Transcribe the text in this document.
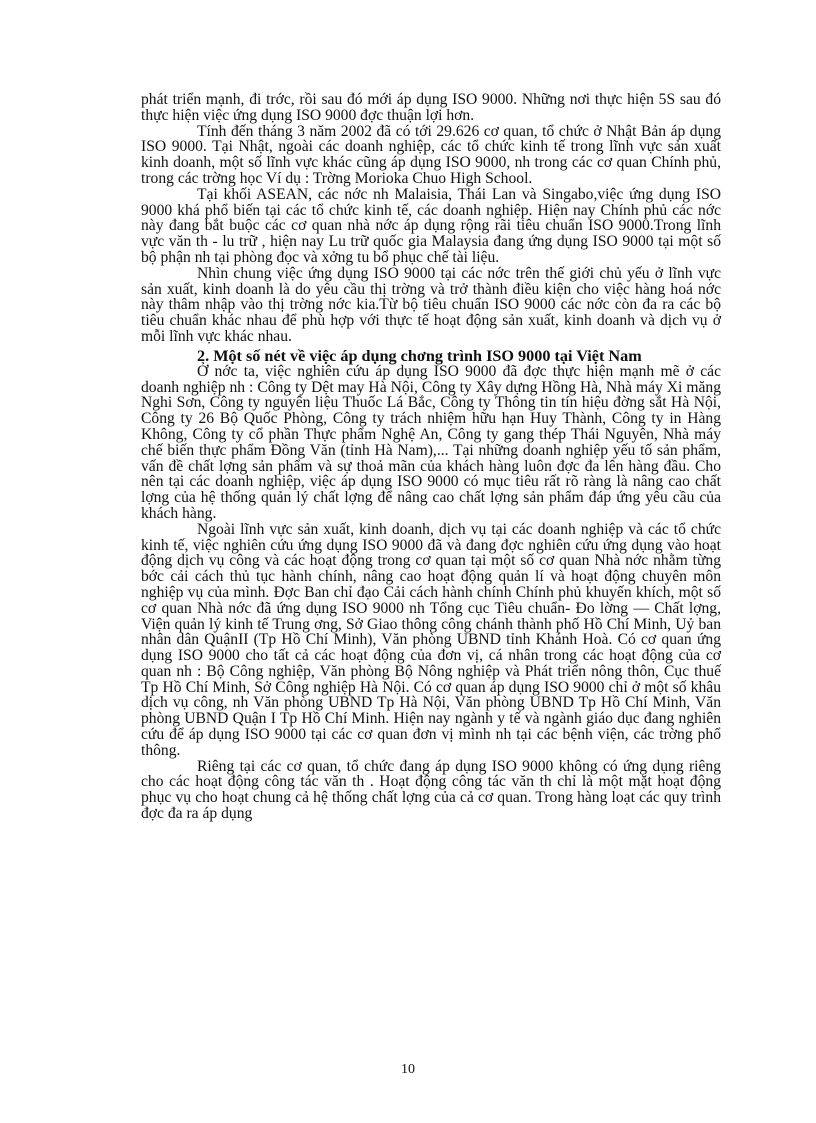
phát triển mạnh, đi trớc, rồi sau đó mới áp dụng ISO 9000. Những nơi thực hiện 5S sau đó thực hiện việc ứng dụng ISO 9000 đợc thuận lợi hơn.

Tính đến tháng 3 năm 2002 đã có tới 29.626 cơ quan, tổ chức ở Nhật Bản áp dụng ISO 9000. Tại Nhật, ngoài các doanh nghiệp, các tổ chức kinh tế trong lĩnh vực sản xuất kinh doanh, một số lĩnh vực khác cũng áp dụng ISO 9000, nh trong các cơ quan Chính phủ, trong các trờng học Ví dụ : Trờng Morioka Chuo High School.

Tại khối ASEAN, các nớc nh Malaisia, Thái Lan và Singabo,việc ứng dụng ISO 9000 khá phổ biến tại các tổ chức kinh tế, các doanh nghiệp. Hiện nay Chính phủ các nớc này đang bắt buộc các cơ quan nhà nớc áp dụng rộng rãi tiêu chuẩn ISO 9000.Trong lĩnh vực văn th - lu trữ , hiện nay Lu trữ quốc gia Malaysia đang ứng dụng ISO 9000 tại một số bộ phận nh tại phòng đọc và xởng tu bổ phục chế tài liệu.

Nhìn chung việc ứng dụng ISO 9000 tại các nớc trên thế giới chủ yếu ở lĩnh vực sản xuất, kinh doanh là do yêu cầu thị trờng và trở thành điều kiện cho việc hàng hoá nớc này thâm nhập vào thị trờng nớc kia.Từ bộ tiêu chuẩn ISO 9000 các nớc còn đa ra các bộ tiêu chuẩn khác nhau để phù hợp với thực tế hoạt động sản xuất, kinh doanh và dịch vụ ở mỗi lĩnh vực khác nhau.

2. Một số nét về việc áp dụng chơng trình ISO 9000 tại Việt Nam

Ở nớc ta, việc nghiên cứu áp dụng ISO 9000 đã đợc thực hiện mạnh mẽ ở các doanh nghiệp nh : Công ty Dệt may Hà Nội, Công ty Xây dựng Hồng Hà, Nhà máy Xi măng Nghi Sơn, Công ty nguyên liệu Thuốc Lá Bắc, Công ty Thông tin tín hiệu đờng sắt Hà Nội, Công ty 26 Bộ Quốc Phòng, Công ty trách nhiệm hữu hạn Huy Thành, Công ty in Hàng Không, Công ty cổ phần Thực phẩm Nghệ An, Công ty gang thép Thái Nguyên, Nhà máy chế biến thực phẩm Đồng Văn (tỉnh Hà Nam),... Tại những doanh nghiệp yếu tố sản phẩm, vấn đề chất lợng sản phẩm và sự thoả mãn của khách hàng luôn đợc đa lên hàng đầu. Cho nên tại các doanh nghiệp, việc áp dụng ISO 9000 có mục tiêu rất rõ ràng là nâng cao chất lợng của hệ thống quản lý chất lợng để nâng cao chất lợng sản phẩm đáp ứng yêu cầu của khách hàng.

Ngoài lĩnh vực sản xuất, kinh doanh, dịch vụ tại các doanh nghiệp và các tổ chức kinh tế, việc nghiên cứu ứng dụng ISO 9000 đã và đang đợc nghiên cứu ứng dụng vào hoạt động dịch vụ công và các hoạt động trong cơ quan tại một số cơ quan Nhà nớc nhằm từng bớc cải cách thủ tục hành chính, nâng cao hoạt động quản lí và hoạt động chuyên môn nghiệp vụ của mình. Đợc Ban chỉ đạo Cải cách hành chính Chính phủ khuyến khích, một số cơ quan Nhà nớc đã ứng dụng ISO 9000 nh Tổng cục Tiêu chuẩn- Đo lờng — Chất lợng, Viện quản lý kinh tế Trung ơng, Sở Giao thông công chánh thành phố Hồ Chí Minh, Uỷ ban nhân dân QuậnII (Tp Hồ Chí Minh), Văn phòng UBND tỉnh Khánh Hoà. Có cơ quan ứng dụng ISO 9000 cho tất cả các hoạt động của đơn vị, cá nhân trong các hoạt động của cơ quan nh : Bộ Công nghiệp, Văn phòng Bộ Nông nghiệp và Phát triển nông thôn, Cục thuế Tp Hồ Chí Minh, Sở Công nghiệp Hà Nội. Có cơ quan áp dụng ISO 9000 chỉ ở một số khâu dịch vụ công, nh Văn phòng UBND Tp Hà Nội, Văn phòng UBND Tp Hồ Chí Minh, Văn phòng UBND Quận I Tp Hồ Chí Minh. Hiện nay ngành y tế và ngành giáo dục đang nghiên cứu để áp dụng ISO 9000 tại các cơ quan đơn vị mình nh tại các bệnh viện, các trờng phổ thông.

Riêng tại các cơ quan, tổ chức đang áp dụng ISO 9000 không có ứng dụng riêng cho các hoạt động công tác văn th . Hoạt động công tác văn th chỉ là một mặt hoạt động phục vụ cho hoạt chung cả hệ thống chất lợng của cả cơ quan. Trong hàng loạt các quy trình đợc đa ra áp dụng

10
